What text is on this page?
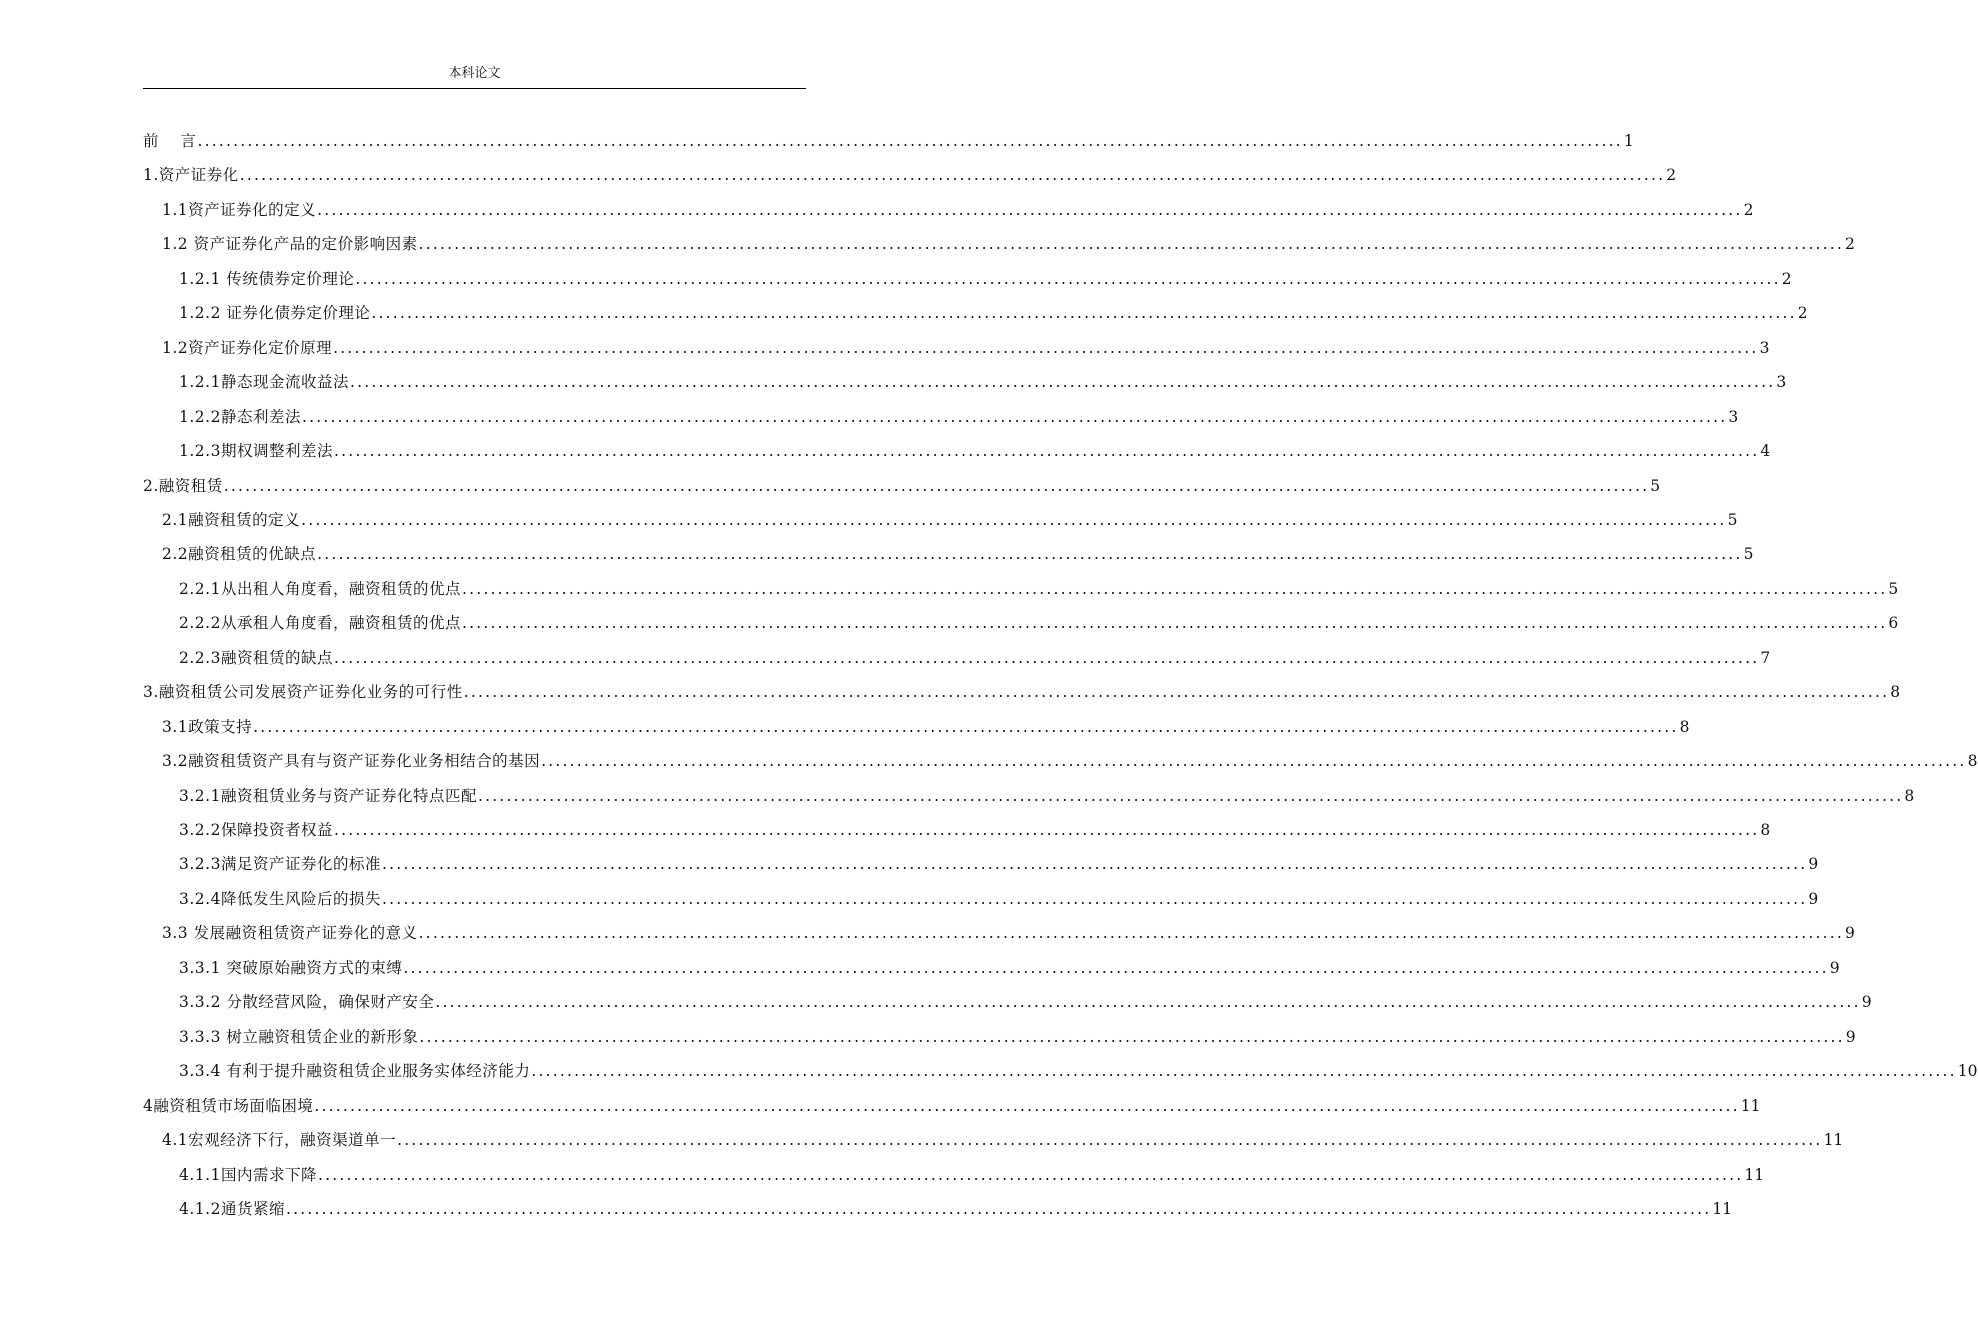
本科论文
前　 言 ........................................................................................................................................................................................................ 1
1.资产证券化 ........................................................................................................................................................................................................ 2
1.1资产证券化的定义 ........................................................................................................................................................................................................ 2
1.2 资产证券化产品的定价影响因素 ........................................................................................................................................................................................................ 2
1.2.1 传统债券定价理论 ........................................................................................................................................................................................................ 2
1.2.2 证券化债券定价理论 ........................................................................................................................................................................................................ 2
1.2资产证券化定价原理 ........................................................................................................................................................................................................ 3
1.2.1静态现金流收益法 ........................................................................................................................................................................................................ 3
1.2.2静态利差法 ........................................................................................................................................................................................................ 3
1.2.3期权调整利差法 ........................................................................................................................................................................................................ 4
2.融资租赁 ........................................................................................................................................................................................................ 5
2.1融资租赁的定义 ........................................................................................................................................................................................................ 5
2.2融资租赁的优缺点 ........................................................................................................................................................................................................ 5
2.2.1从出租人角度看，融资租赁的优点 ........................................................................................................................................................................................................ 5
2.2.2从承租人角度看，融资租赁的优点 ........................................................................................................................................................................................................ 6
2.2.3融资租赁的缺点 ........................................................................................................................................................................................................ 7
3.融资租赁公司发展资产证券化业务的可行性 ........................................................................................................................................................................................................ 8
3.1政策支持 ........................................................................................................................................................................................................ 8
3.2融资租赁资产具有与资产证券化业务相结合的基因 ........................................................................................................................................................................................................ 8
3.2.1融资租赁业务与资产证券化特点匹配 ........................................................................................................................................................................................................ 8
3.2.2保障投资者权益 ........................................................................................................................................................................................................ 8
3.2.3满足资产证券化的标准 ........................................................................................................................................................................................................ 9
3.2.4降低发生风险后的损失 ........................................................................................................................................................................................................ 9
3.3 发展融资租赁资产证券化的意义 ........................................................................................................................................................................................................ 9
3.3.1 突破原始融资方式的束缚 ........................................................................................................................................................................................................ 9
3.3.2 分散经营风险，确保财产安全 ........................................................................................................................................................................................................ 9
3.3.3 树立融资租赁企业的新形象 ........................................................................................................................................................................................................ 9
3.3.4 有利于提升融资租赁企业服务实体经济能力 ........................................................................................................................................................................................................ 10
4融资租赁市场面临困境 ........................................................................................................................................................................................................ 11
4.1宏观经济下行，融资渠道单一 ........................................................................................................................................................................................................ 11
4.1.1国内需求下降 ........................................................................................................................................................................................................ 11
4.1.2通货紧缩 ........................................................................................................................................................................................................ 11
